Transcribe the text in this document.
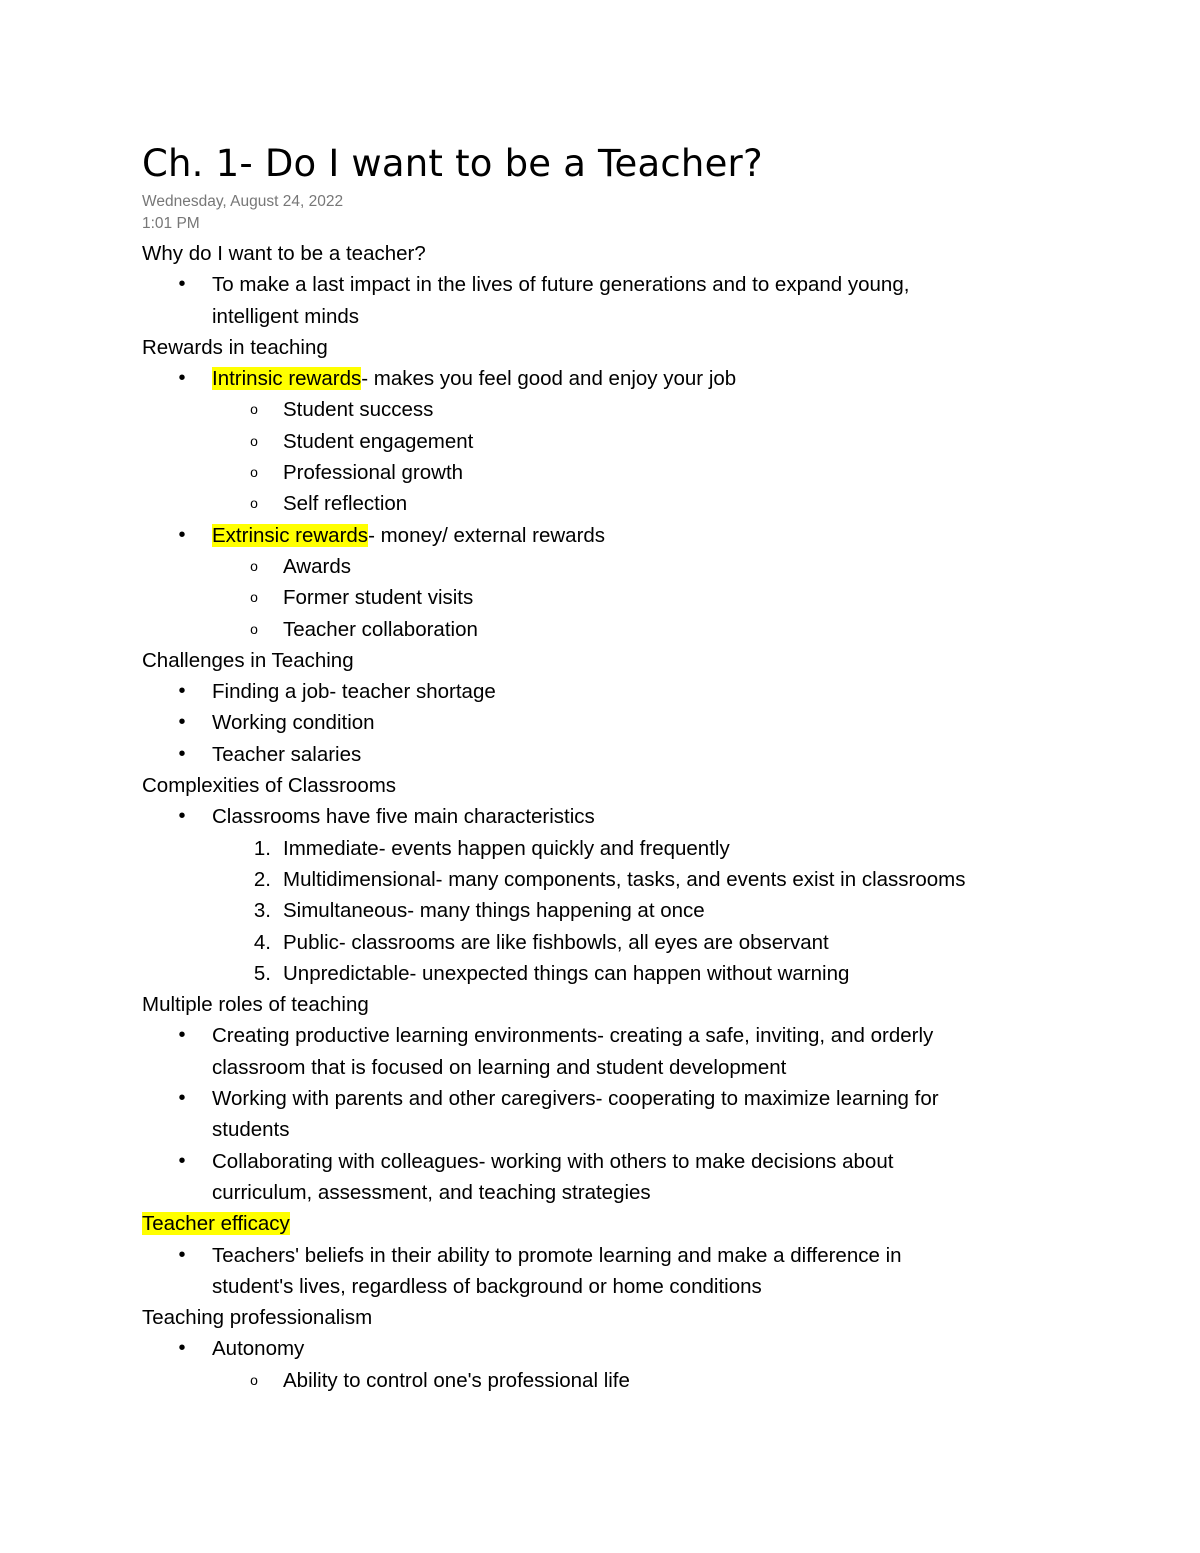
Ch. 1- Do I want to be a Teacher?
Wednesday, August 24, 2022
1:01 PM
Why do I want to be a teacher?
•	To make a last impact in the lives of future generations and to expand young,
intelligent minds
Rewards in teaching
•	Intrinsic rewards- makes you feel good and enjoy your job
o	Student success
o	Student engagement
o	Professional growth
o	Self reflection
•	Extrinsic rewards- money/ external rewards
o	Awards
o	Former student visits
o	Teacher collaboration
Challenges in Teaching
•	Finding a job- teacher shortage
•	Working condition
•	Teacher salaries
Complexities of Classrooms
•	Classrooms have five main characteristics
1. Immediate- events happen quickly and frequently
2. Multidimensional- many components, tasks, and events exist in classrooms
3. Simultaneous- many things happening at once
4. Public- classrooms are like fishbowls, all eyes are observant
5. Unpredictable- unexpected things can happen without warning
Multiple roles of teaching
•	Creating productive learning environments- creating a safe, inviting, and orderly
classroom that is focused on learning and student development
•	Working with parents and other caregivers- cooperating to maximize learning for
students
•	Collaborating with colleagues- working with others to make decisions about
curriculum, assessment, and teaching strategies
Teacher efficacy
•	Teachers' beliefs in their ability to promote learning and make a difference in
student's lives, regardless of background or home conditions
Teaching professionalism
•	Autonomy
o	Ability to control one's professional life
